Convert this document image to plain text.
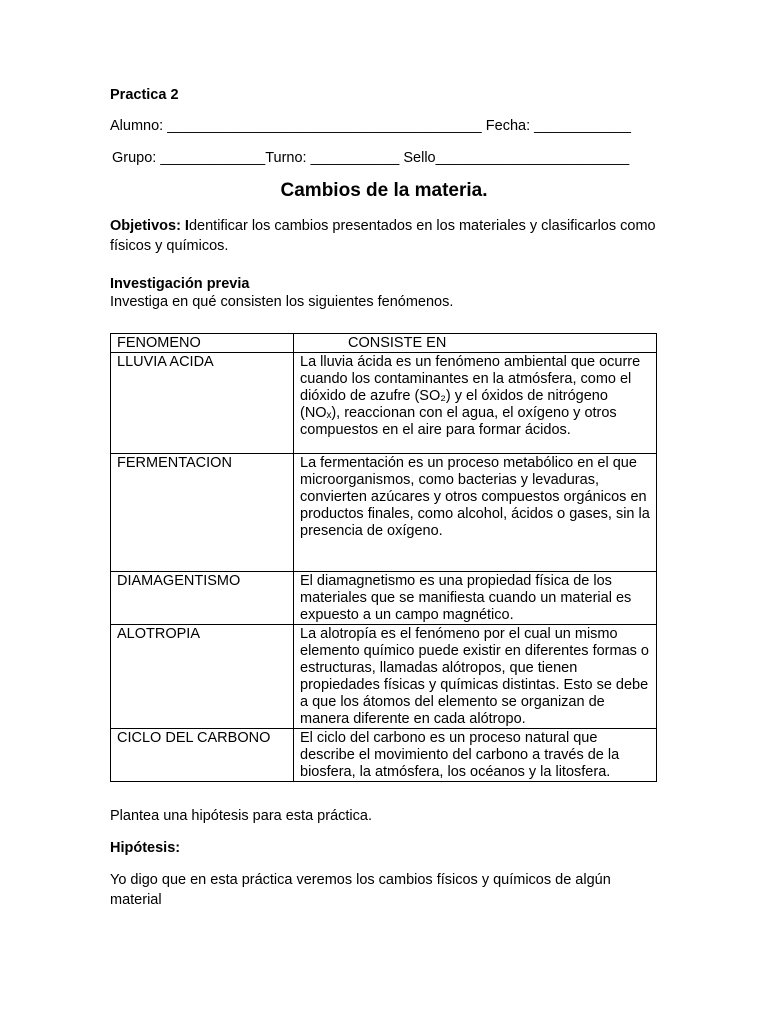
Practica 2
Alumno: _______________________________________ Fecha: ____________
Grupo: _____________Turno: ___________ Sello________________________
Cambios de la materia.
Objetivos: Identificar los cambios presentados en los materiales y clasificarlos como físicos y químicos.
Investigación previa
Investiga en qué consisten los siguientes fenómenos.
FENOMENO	CONSISTE EN
LLUVIA ACIDA	La lluvia ácida es un fenómeno ambiental que ocurre cuando los contaminantes en la atmósfera, como el dióxido de azufre (SO₂) y el óxidos de nitrógeno (NOₓ), reaccionan con el agua, el oxígeno y otros compuestos en el aire para formar ácidos.
FERMENTACION	La fermentación es un proceso metabólico en el que microorganismos, como bacterias y levaduras, convierten azúcares y otros compuestos orgánicos en productos finales, como alcohol, ácidos o gases, sin la presencia de oxígeno.
DIAMAGENTISMO	El diamagnetismo es una propiedad física de los materiales que se manifiesta cuando un material es expuesto a un campo magnético.
ALOTROPIA	La alotropía es el fenómeno por el cual un mismo elemento químico puede existir en diferentes formas o estructuras, llamadas alótropos, que tienen propiedades físicas y químicas distintas. Esto se debe a que los átomos del elemento se organizan de manera diferente en cada alótropo.
CICLO DEL CARBONO	El ciclo del carbono es un proceso natural que describe el movimiento del carbono a través de la biosfera, la atmósfera, los océanos y la litosfera.
Plantea una hipótesis para esta práctica.
Hipótesis:
Yo digo que en esta práctica veremos los cambios físicos y químicos de algún material
